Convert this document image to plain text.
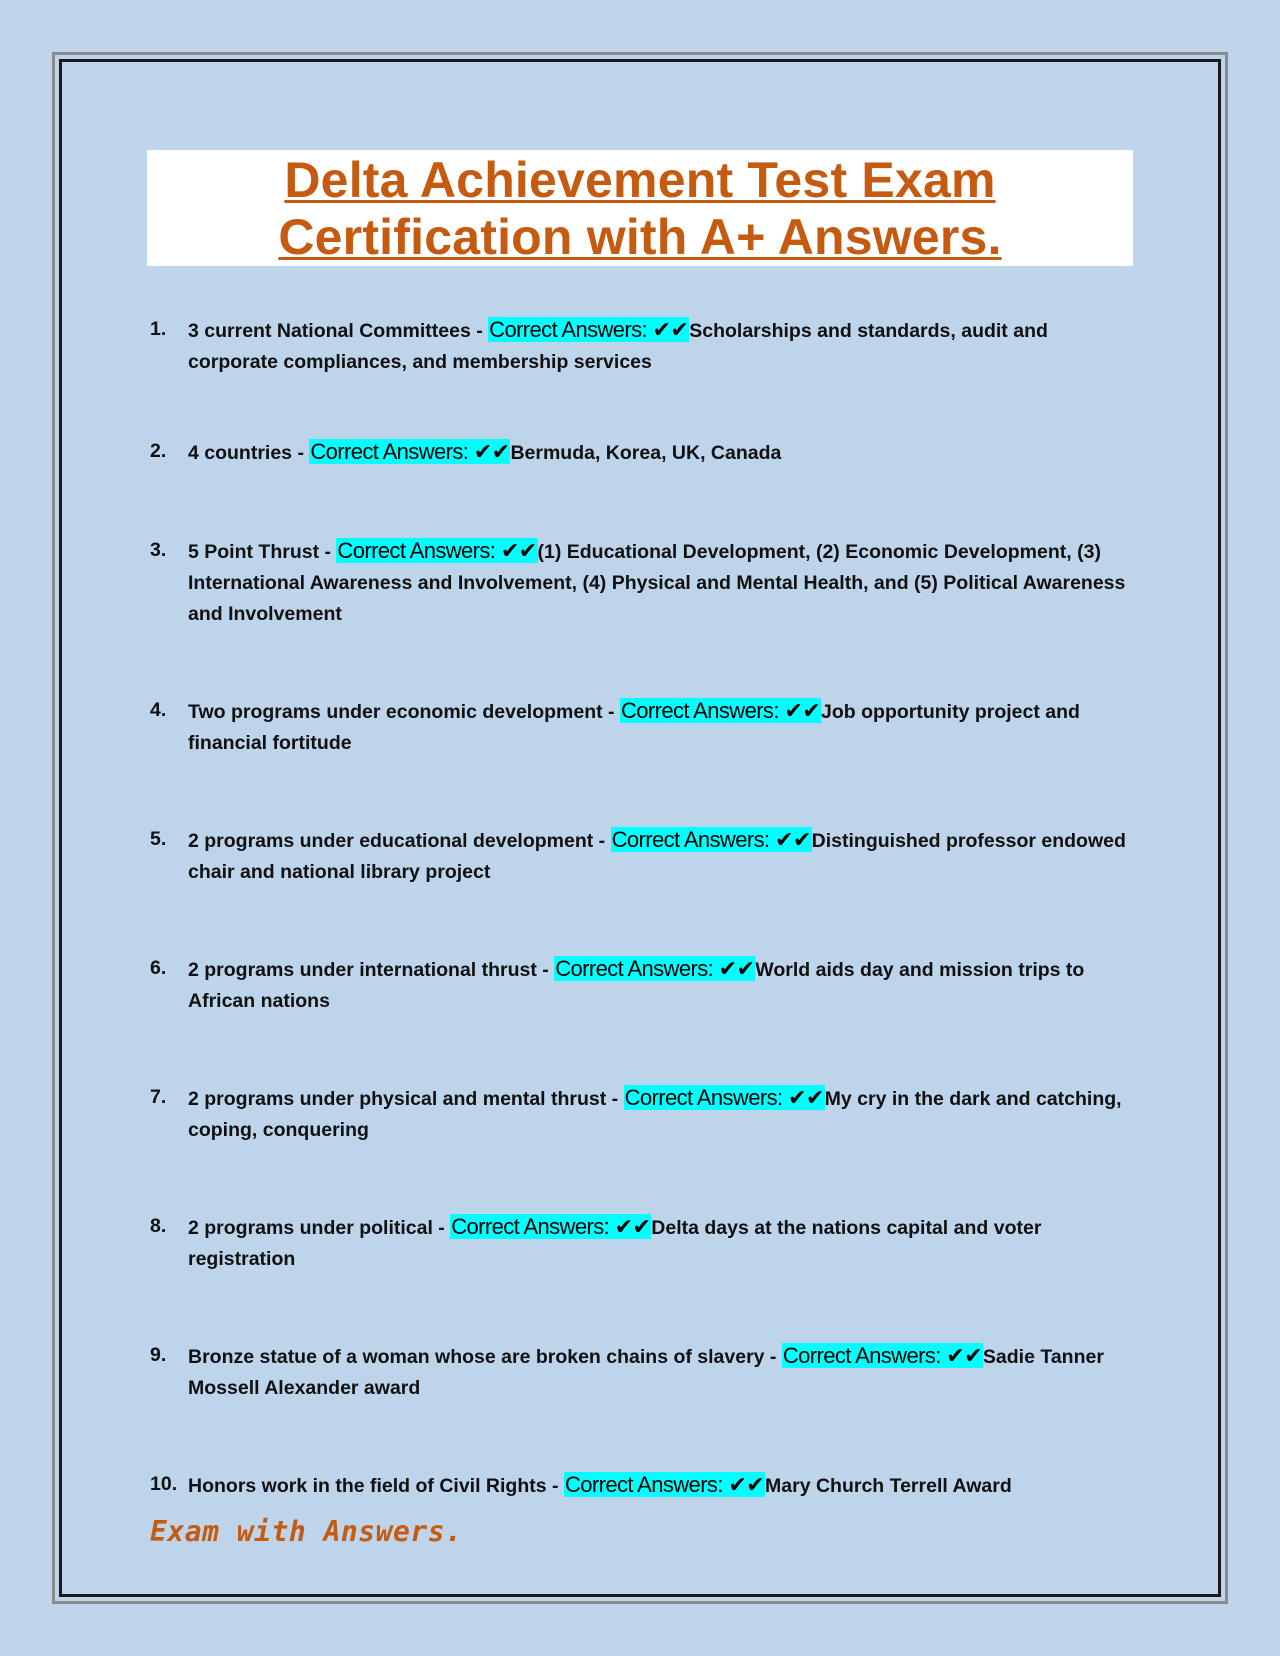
Delta Achievement Test Exam
Certification with A+ Answers.
1.	3 current National Committees - Correct Answers: ✔✔Scholarships and standards, audit and corporate compliances, and membership services
2.	4 countries - Correct Answers: ✔✔Bermuda, Korea, UK, Canada
3.	5 Point Thrust - Correct Answers: ✔✔(1) Educational Development, (2) Economic Development, (3) International Awareness and Involvement, (4) Physical and Mental Health, and (5) Political Awareness and Involvement
4.	Two programs under economic development - Correct Answers: ✔✔Job opportunity project and financial fortitude
5.	2 programs under educational development - Correct Answers: ✔✔Distinguished professor endowed chair and national library project
6.	2 programs under international thrust - Correct Answers: ✔✔World aids day and mission trips to African nations
7.	2 programs under physical and mental thrust - Correct Answers: ✔✔My cry in the dark and catching, coping, conquering
8.	2 programs under political - Correct Answers: ✔✔Delta days at the nations capital and voter registration
9.	Bronze statue of a woman whose are broken chains of slavery - Correct Answers: ✔✔Sadie Tanner Mossell Alexander award
10. Honors work in the field of Civil Rights - Correct Answers: ✔✔Mary Church Terrell Award
Exam with Answers.
